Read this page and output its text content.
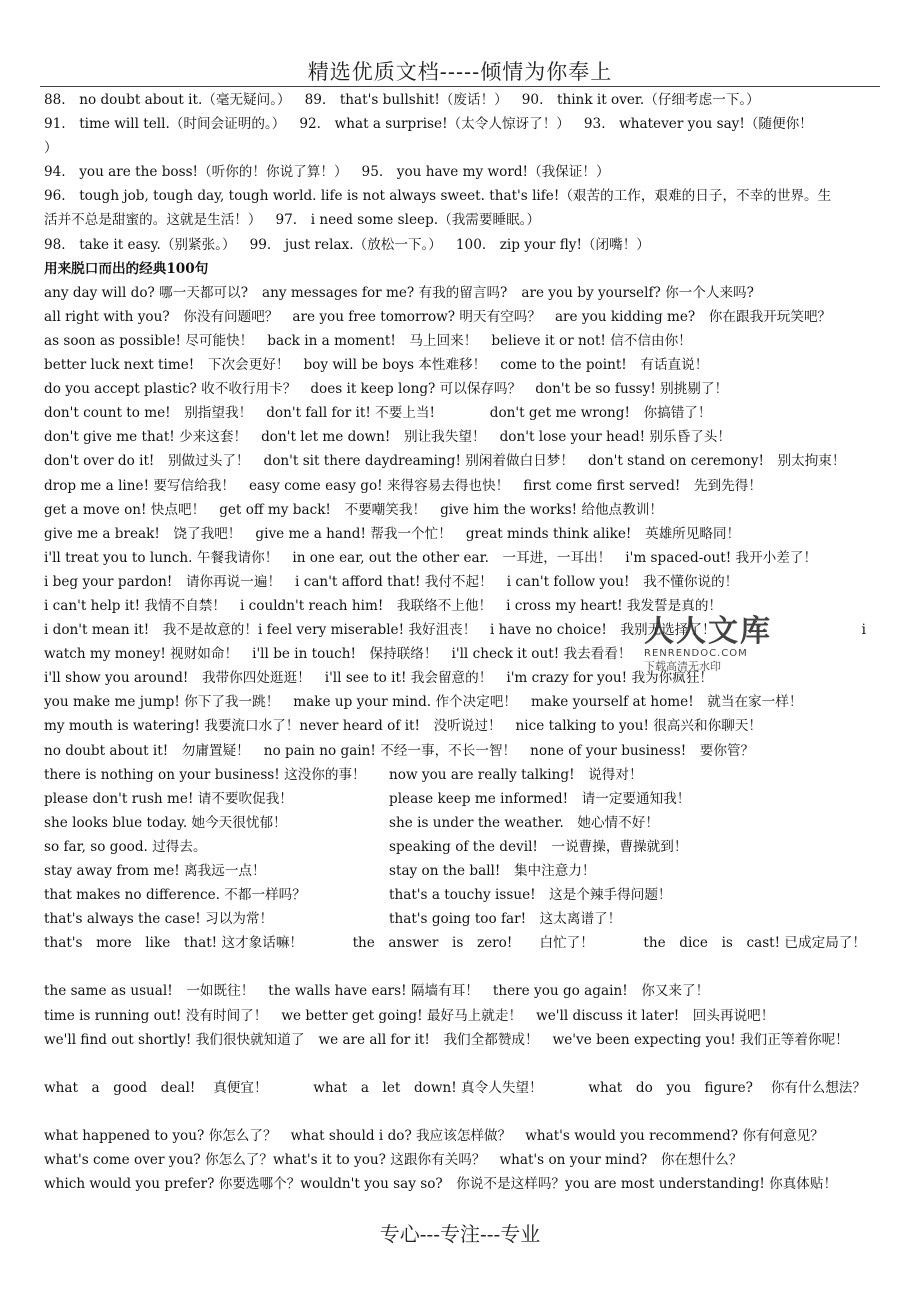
精选优质文档-----倾情为你奉上
88.　no doubt about it.（毫无疑问。） 89.　that's bullshit!（废话！） 90.　think it over.（仔细考虑一下。）
91.　time will tell.（时间会证明的。） 92.　what a surprise!（太令人惊讶了！） 93.　whatever you say!（随便你！
）
94.　you are the boss!（听你的！你说了算！） 95.　you have my word!（我保证！）
96.　tough job, tough day, tough world. life is not always sweet. that's life!（艰苦的工作，艰难的日子，不幸的世界。生
活并不总是甜蜜的。这就是生活！） 97.　i need some sleep.（我需要睡眠。）
98.　take it easy.（别紧张。） 99.　just relax.（放松一下。） 100.　zip your fly!（闭嘴！）
用来脱口而出的经典100句
any day will do? 哪一天都可以? any messages for me? 有我的留言吗? are you by yourself? 你一个人来吗?
all right with you?　你没有问题吧？ are you free tomorrow? 明天有空吗？ are you kidding me?　你在跟我开玩笑吧？
as soon as possible! 尽可能快！ back in a moment!　马上回来！ believe it or not! 信不信由你！
better luck next time!　下次会更好！ boy will be boys 本性难移！ come to the point!　有话直说！
do you accept plastic? 收不收行用卡？ does it keep long? 可以保存吗？ don't be so fussy! 别挑剔了！
don't count to me!　别指望我！ don't fall for it! 不要上当!　　　don't get me wrong!　你搞错了！
don't give me that! 少来这套！ don't let me down!　别让我失望！ don't lose your head! 别乐昏了头！
don't over do it!　别做过头了！ don't sit there daydreaming! 别闲着做白日梦！ don't stand on ceremony!　别太拘束！
drop me a line! 要写信给我！ easy come easy go! 来得容易去得也快！ first come first served!　先到先得！
get a move on! 快点吧！ get off my back!　不要嘲笑我！ give him the works! 给他点教训！
give me a break!　饶了我吧！ give me a hand! 帮我一个忙！ great minds think alike!　英雄所见略同！
i'll treat you to lunch. 午餐我请你！ in one ear, out the other ear.　一耳进，一耳出！ i'm spaced-out! 我开小差了！
i beg your pardon!　请你再说一遍！ i can't afford that! 我付不起！ i can't follow you!　我不懂你说的！
i can't help it! 我情不自禁！ i couldn't reach him!　我联络不上他！ i cross my heart! 我发誓是真的！
i don't mean it!　我不是故意的！i feel very miserable! 我好沮丧！　i have no choice!　我别无选择了！	i
watch my money! 视财如命！ i'll be in touch!　保持联络！ i'll check it out! 我去看看！
i'll show you around!　我带你四处逛逛！ i'll see to it! 我会留意的！ i'm crazy for you! 我为你疯狂！
you make me jump! 你下了我一跳！ make up your mind. 作个决定吧！ make yourself at home!　就当在家一样！
my mouth is watering! 我要流口水了！never heard of it!　没听说过！ nice talking to you! 很高兴和你聊天！
no doubt about it!　勿庸置疑！ no pain no gain! 不经一事，不长一智！ none of your business!　要你管？
there is nothing on your business! 这没你的事！ now you are really talking!　说得对！
please don't rush me! 请不要吹促我！	please keep me informed!　请一定要通知我！
she looks blue today. 她今天很忧郁！	she is under the weather.　她心情不好！
so far, so good. 过得去。	speaking of the devil!　一说曹操，曹操就到！
stay away from me! 离我远一点！	stay on the ball!　集中注意力！
that makes no difference. 不都一样吗？	that's a touchy issue!　这是个辣手得问题！
that's always the case! 习以为常！	that's going too far!　这太离谱了！
that's　more　like　that! 这才象话嘛！	the　answer　is　zero!　　白忙了！	the　dice　is　cast! 已成定局了！
the same as usual!　一如既往！ the walls have ears! 隔墙有耳！ there you go again!　你又来了！
time is running out! 没有时间了！ we better get going! 最好马上就走！ we'll discuss it later!　回头再说吧！
we'll find out shortly! 我们很快就知道了 we are all for it!　我们全都赞成！ we've been expecting you! 我们正等着你呢！
what　a　good　deal!　 真便宜！	what　a　let　down! 真令人失望！	what　do　you　figure?　 你有什么想法？
what happened to you? 你怎么了？ what should i do? 我应该怎样做？ what's would you recommend? 你有何意见？
what's come over you? 你怎么了？what's it to you? 这跟你有关吗？ what's on your mind?　你在想什么？
which would you prefer? 你要选哪个？wouldn't you say so?　你说不是这样吗？you are most understanding! 你真体贴！
人人文库
RENRENDOC.COM
下载高清无水印
专心---专注---专业
